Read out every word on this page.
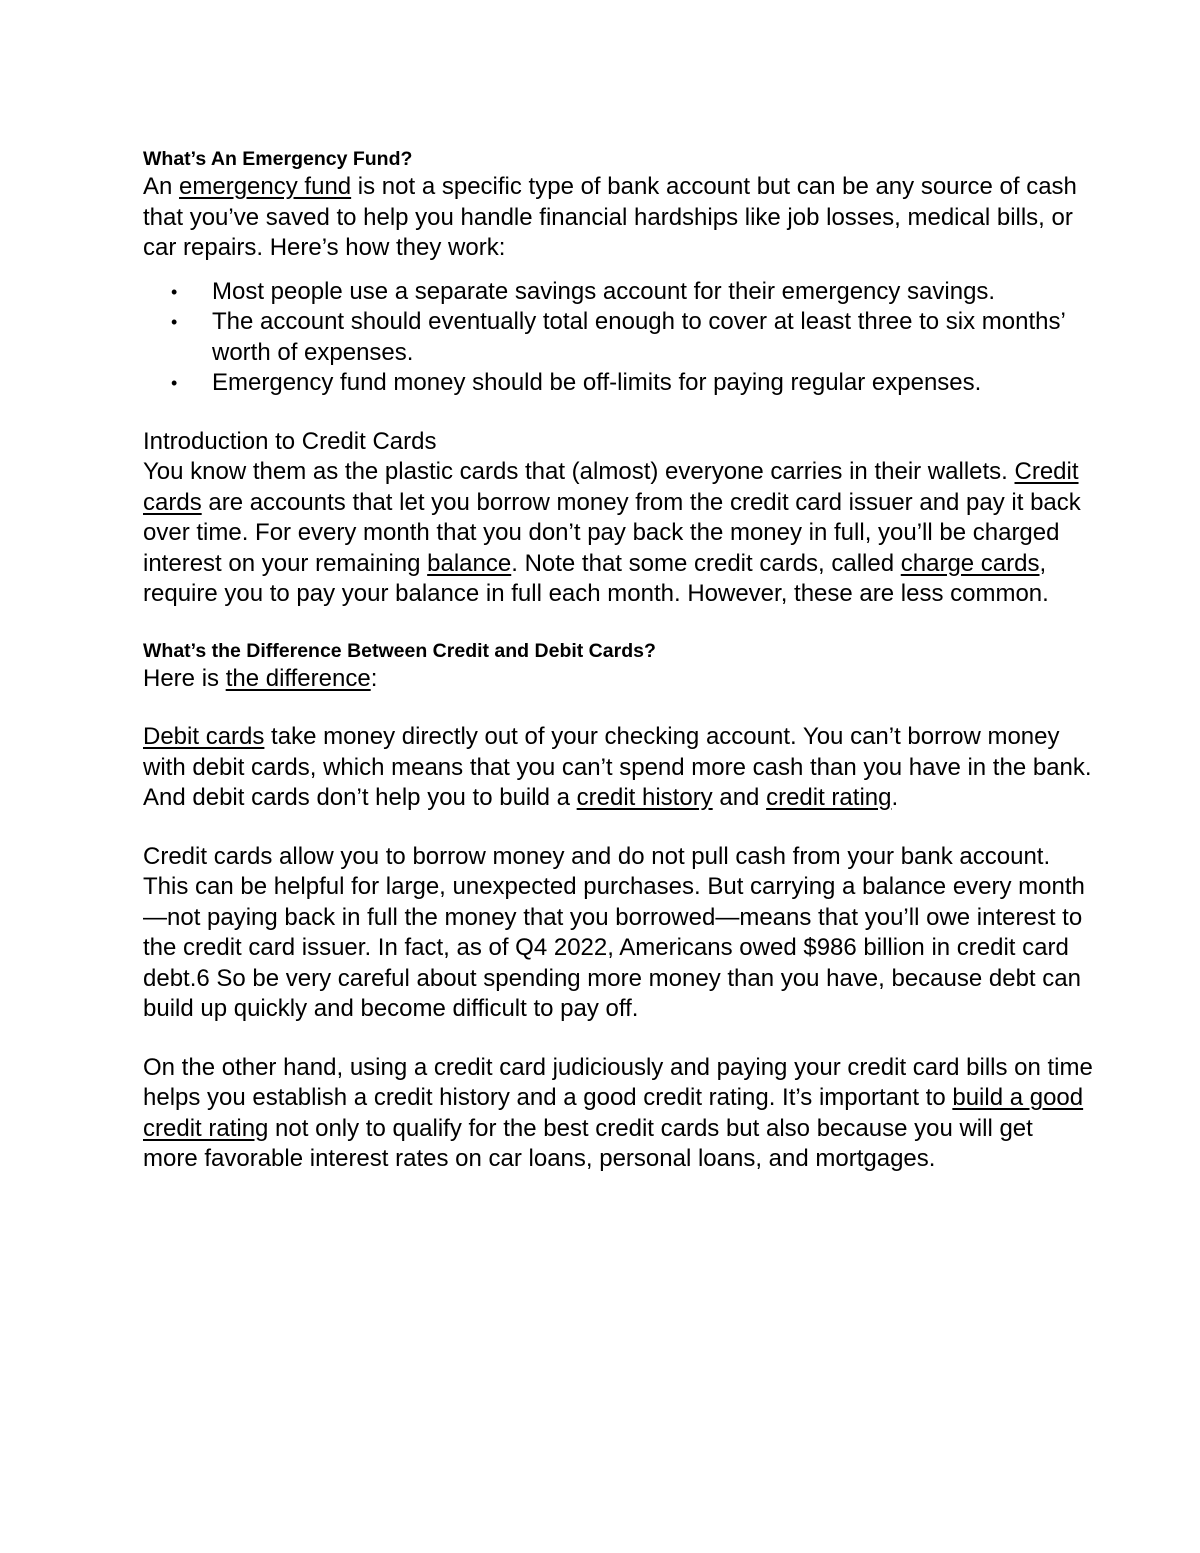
What’s An Emergency Fund?

An emergency fund is not a specific type of bank account but can be any source of cash that you’ve saved to help you handle financial hardships like job losses, medical bills, or car repairs. Here’s how they work:

• Most people use a separate savings account for their emergency savings.
• The account should eventually total enough to cover at least three to six months’ worth of expenses.
• Emergency fund money should be off-limits for paying regular expenses.

Introduction to Credit Cards

You know them as the plastic cards that (almost) everyone carries in their wallets. Credit cards are accounts that let you borrow money from the credit card issuer and pay it back over time. For every month that you don’t pay back the money in full, you’ll be charged interest on your remaining balance. Note that some credit cards, called charge cards, require you to pay your balance in full each month. However, these are less common.

What’s the Difference Between Credit and Debit Cards?

Here is the difference:

Debit cards take money directly out of your checking account. You can’t borrow money with debit cards, which means that you can’t spend more cash than you have in the bank. And debit cards don’t help you to build a credit history and credit rating.

Credit cards allow you to borrow money and do not pull cash from your bank account. This can be helpful for large, unexpected purchases. But carrying a balance every month—not paying back in full the money that you borrowed—means that you’ll owe interest to the credit card issuer. In fact, as of Q4 2022, Americans owed $986 billion in credit card debt.6 So be very careful about spending more money than you have, because debt can build up quickly and become difficult to pay off.

On the other hand, using a credit card judiciously and paying your credit card bills on time helps you establish a credit history and a good credit rating. It’s important to build a good credit rating not only to qualify for the best credit cards but also because you will get more favorable interest rates on car loans, personal loans, and mortgages.
